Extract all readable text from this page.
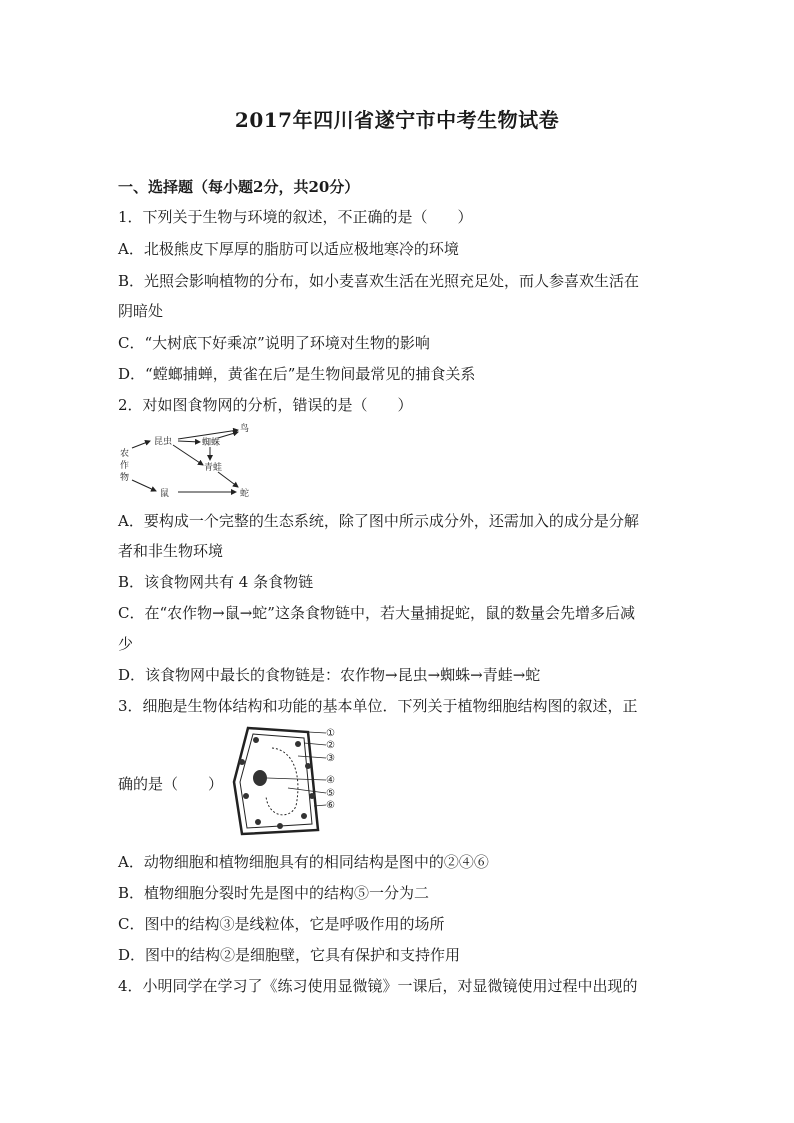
2017年四川省遂宁市中考生物试卷
一、选择题（每小题2分，共20分）
1．下列关于生物与环境的叙述，不正确的是（　　）
A．北极熊皮下厚厚的脂肪可以适应极地寒冷的环境
B．光照会影响植物的分布，如小麦喜欢生活在光照充足处，而人参喜欢生活在
阴暗处
C．“大树底下好乘凉”说明了环境对生物的影响
D．“螳螂捕蝉，黄雀在后”是生物间最常见的捕食关系
2．对如图食物网的分析，错误的是（　　）
农
作
物
昆虫	蜘蛛
鸟
青蛙
鼠	蛇
A．要构成一个完整的生态系统，除了图中所示成分外，还需加入的成分是分解
者和非生物环境
B．该食物网共有 4 条食物链
C．在“农作物→鼠→蛇”这条食物链中，若大量捕捉蛇，鼠的数量会先增多后减
少
D．该食物网中最长的食物链是：农作物→昆虫→蜘蛛→青蛙→蛇
3．细胞是生物体结构和功能的基本单位．下列关于植物细胞结构图的叙述，正
确的是（　　）
①
②
③
④
⑤
⑥
A．动物细胞和植物细胞具有的相同结构是图中的②④⑥
B．植物细胞分裂时先是图中的结构⑤一分为二
C．图中的结构③是线粒体，它是呼吸作用的场所
D．图中的结构②是细胞壁，它具有保护和支持作用
4．小明同学在学习了《练习使用显微镜》一课后，对显微镜使用过程中出现的
